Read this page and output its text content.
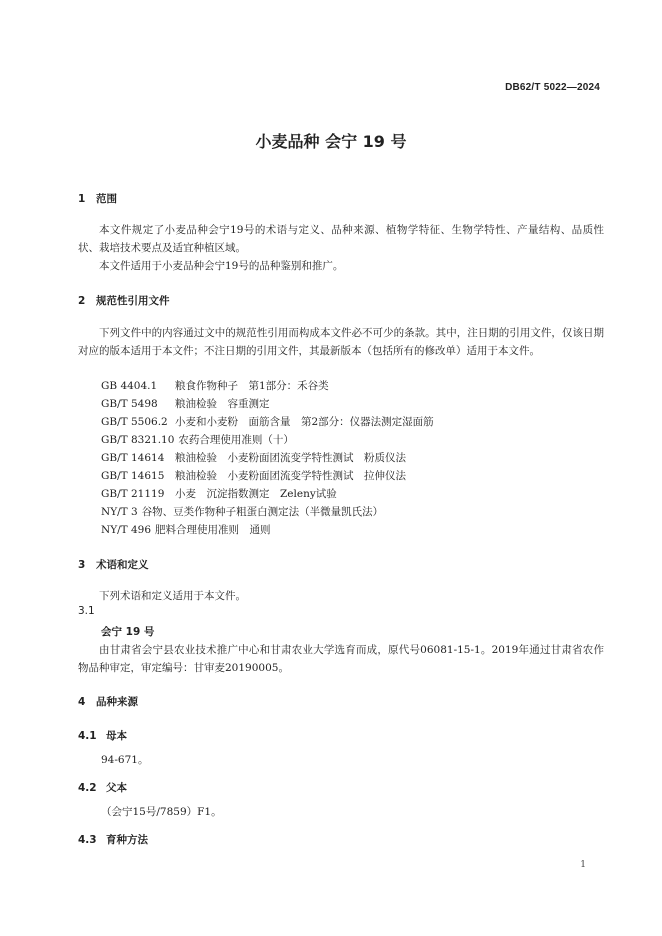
DB62/T 5022—2024
小麦品种 会宁 19 号
1 范围
本文件规定了小麦品种会宁19号的术语与定义、品种来源、植物学特征、生物学特性、产量结构、品质性状、栽培技术要点及适宜种植区域。
本文件适用于小麦品种会宁19号的品种鉴别和推广。
2 规范性引用文件
下列文件中的内容通过文中的规范性引用而构成本文件必不可少的条款。其中，注日期的引用文件，仅该日期对应的版本适用于本文件；不注日期的引用文件，其最新版本（包括所有的修改单）适用于本文件。
GB 4404.1 粮食作物种子　第1部分：禾谷类
GB/T 5498 粮油检验　容重测定
GB/T 5506.2 小麦和小麦粉　面筋含量　第2部分：仪器法测定湿面筋
GB/T 8321.10 农药合理使用准则（十）
GB/T 14614 粮油检验　小麦粉面团流变学特性测试　粉质仪法
GB/T 14615 粮油检验　小麦粉面团流变学特性测试　拉伸仪法
GB/T 21119 小麦　沉淀指数测定　Zeleny试验
NY/T 3 谷物、豆类作物种子粗蛋白测定法（半微量凯氏法）
NY/T 496 肥料合理使用准则　通则
3 术语和定义
下列术语和定义适用于本文件。
3.1
会宁 19 号
由甘肃省会宁县农业技术推广中心和甘肃农业大学选育而成，原代号06081-15-1。2019年通过甘肃省农作物品种审定，审定编号：甘审麦20190005。
4 品种来源
4.1 母本
94-671。
4.2 父本
（会宁15号/7859）F1。
4.3 育种方法
1
